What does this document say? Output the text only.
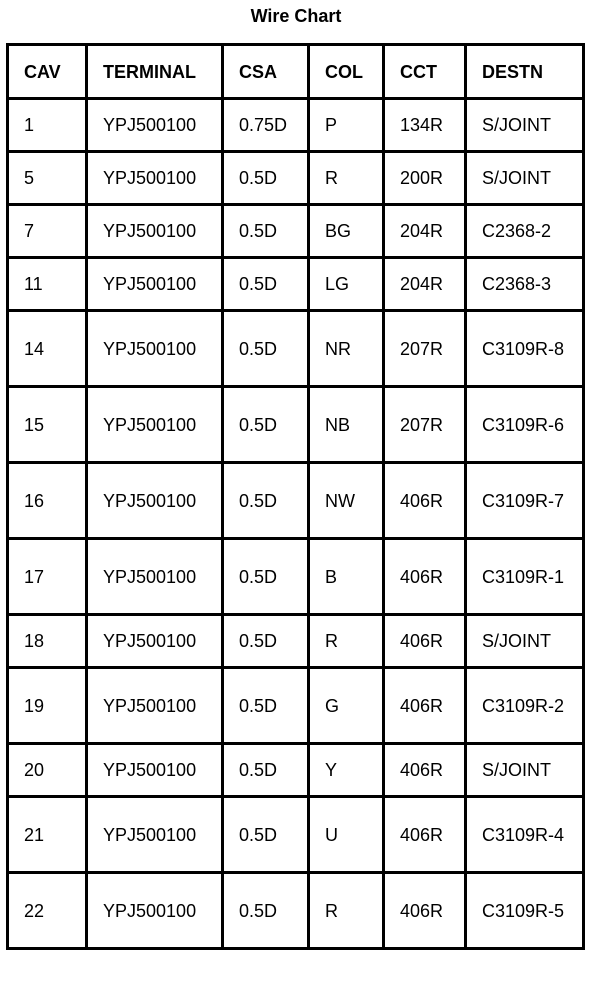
Wire Chart
CAV	TERMINAL	CSA	COL	CCT	DESTN
1	YPJ500100	0.75D	P	134R	S/JOINT
5	YPJ500100	0.5D	R	200R	S/JOINT
7	YPJ500100	0.5D	BG	204R	C2368-2
11	YPJ500100	0.5D	LG	204R	C2368-3
14	YPJ500100	0.5D	NR	207R	C3109R-8
15	YPJ500100	0.5D	NB	207R	C3109R-6
16	YPJ500100	0.5D	NW	406R	C3109R-7
17	YPJ500100	0.5D	B	406R	C3109R-1
18	YPJ500100	0.5D	R	406R	S/JOINT
19	YPJ500100	0.5D	G	406R	C3109R-2
20	YPJ500100	0.5D	Y	406R	S/JOINT
21	YPJ500100	0.5D	U	406R	C3109R-4
22	YPJ500100	0.5D	R	406R	C3109R-5
